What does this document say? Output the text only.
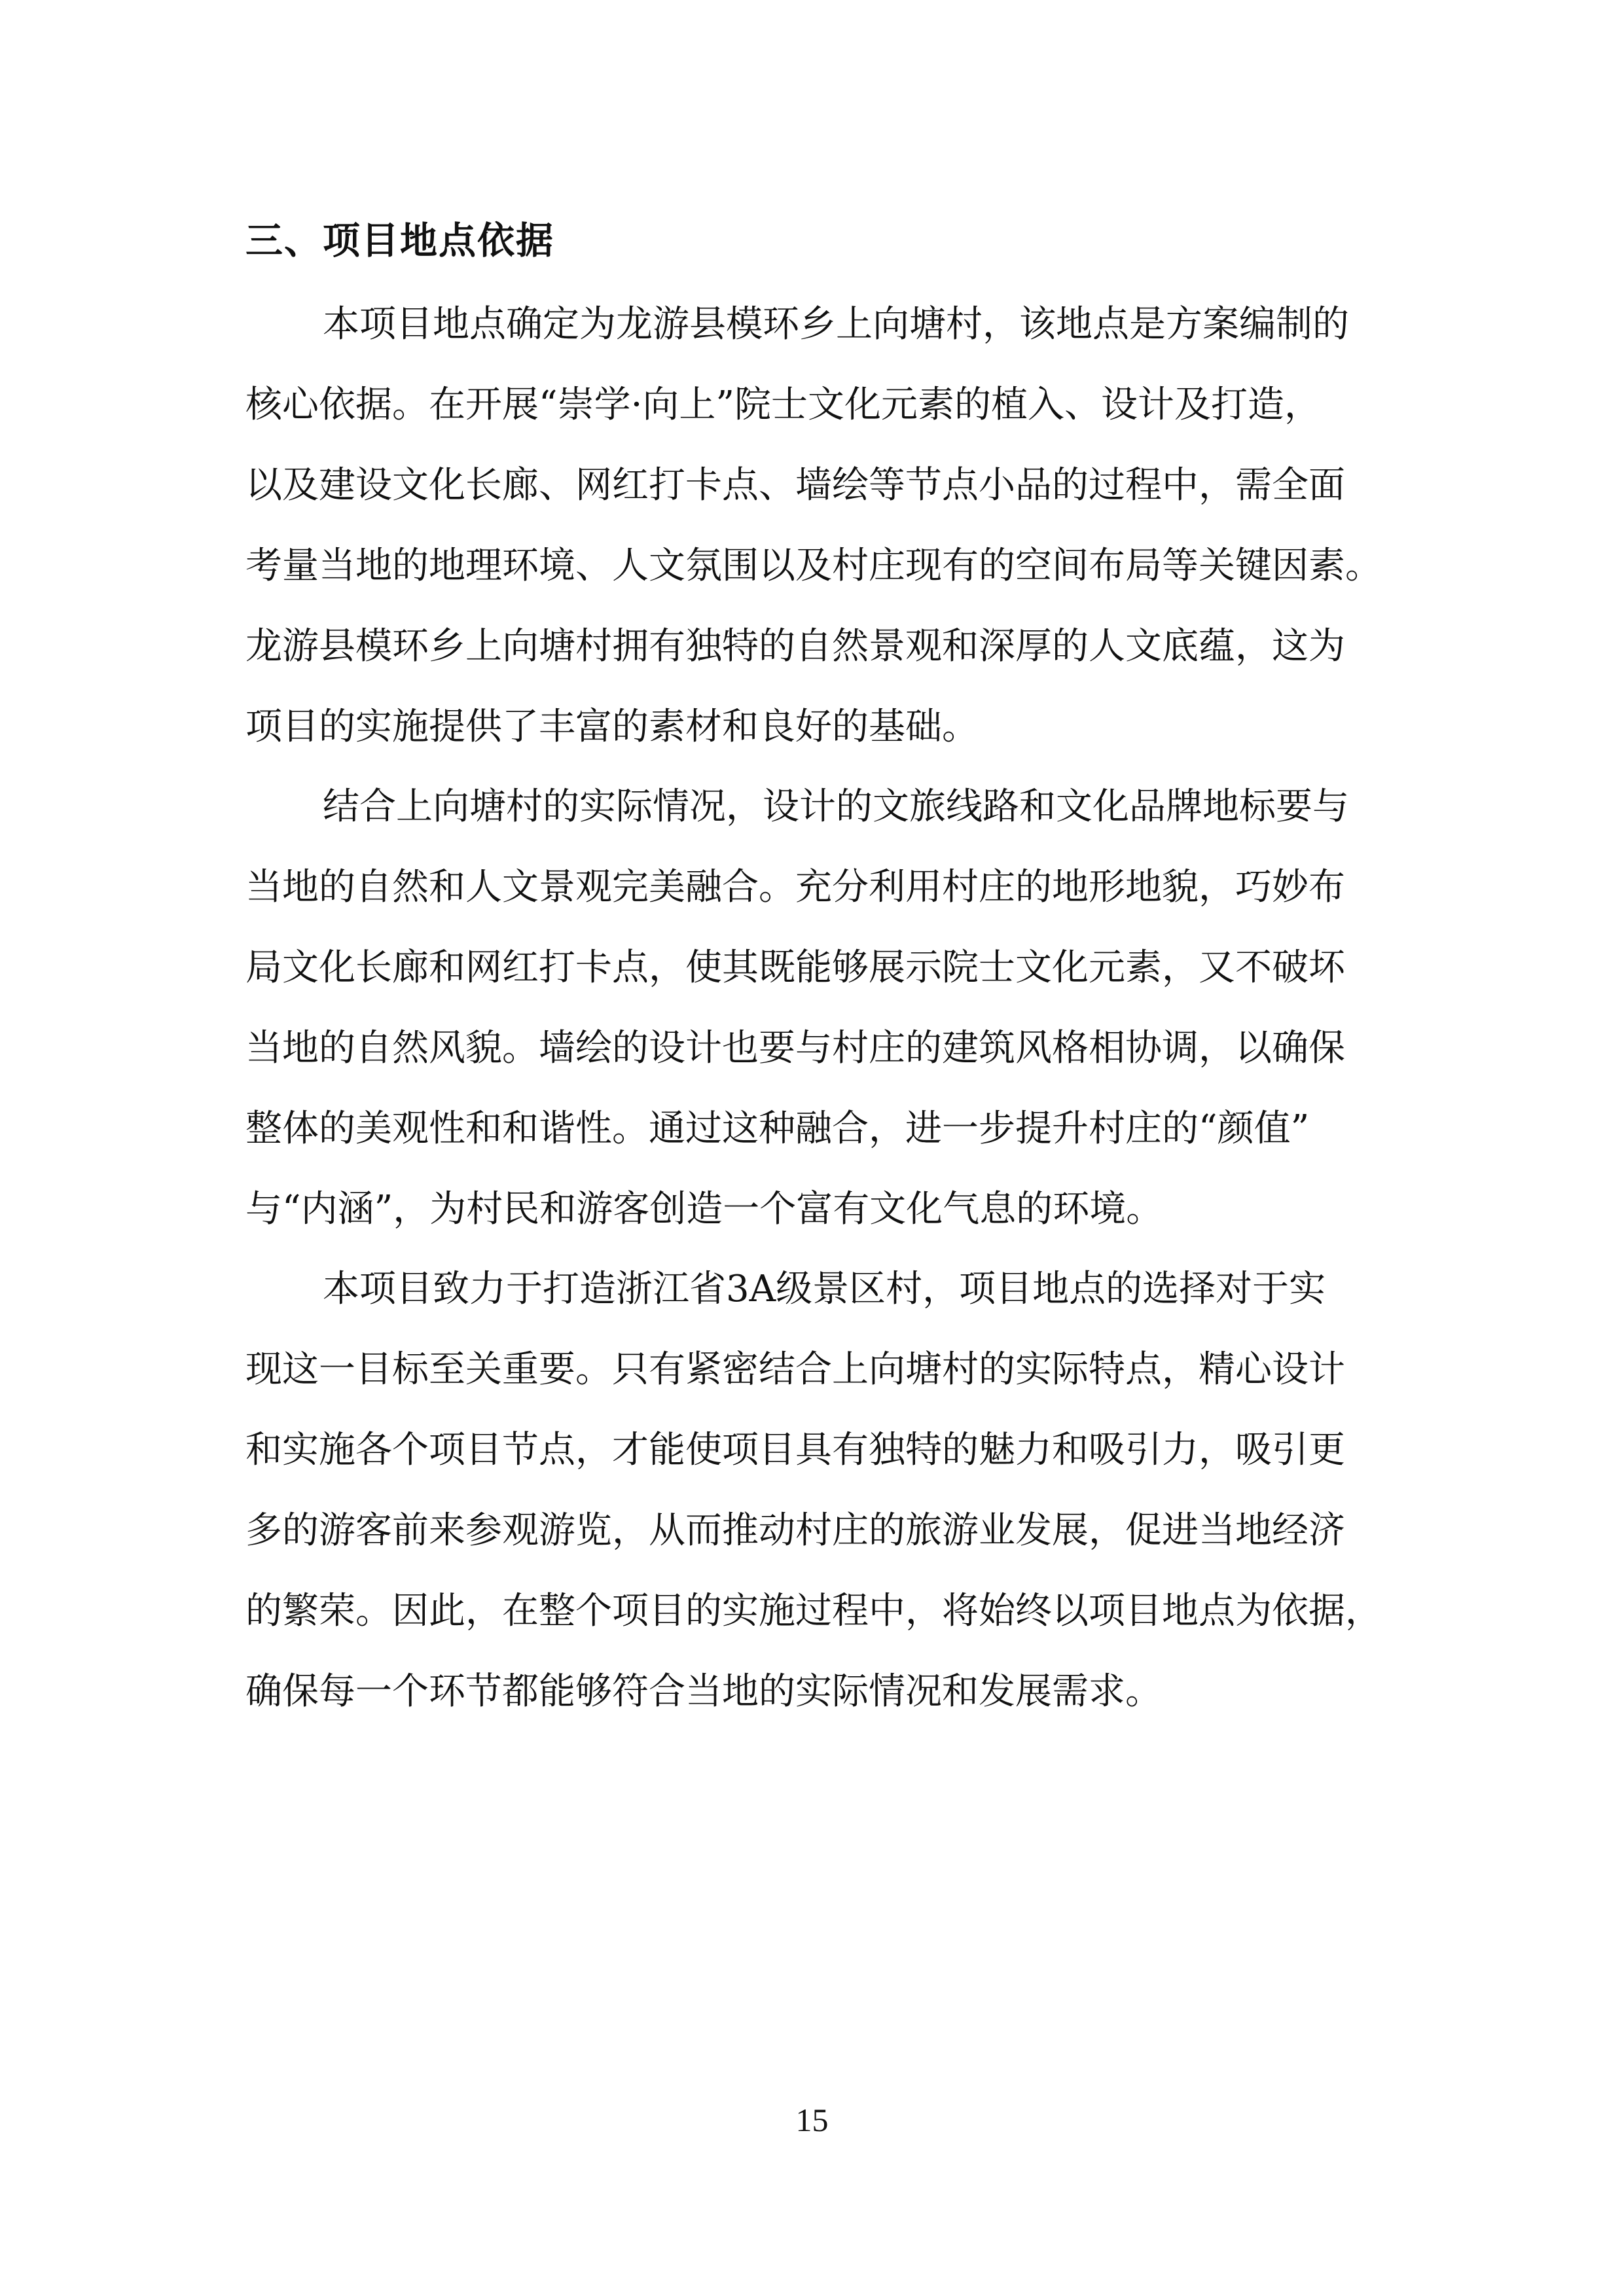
三、项目地点依据

本项目地点确定为龙游县模环乡上向塘村，该地点是方案编制的
核心依据。在开展“崇学·向上”院士文化元素的植入、设计及打造，
以及建设文化长廊、网红打卡点、墙绘等节点小品的过程中，需全面
考量当地的地理环境、人文氛围以及村庄现有的空间布局等关键因素。
龙游县模环乡上向塘村拥有独特的自然景观和深厚的人文底蕴，这为
项目的实施提供了丰富的素材和良好的基础。

结合上向塘村的实际情况，设计的文旅线路和文化品牌地标要与
当地的自然和人文景观完美融合。充分利用村庄的地形地貌，巧妙布
局文化长廊和网红打卡点，使其既能够展示院士文化元素，又不破坏
当地的自然风貌。墙绘的设计也要与村庄的建筑风格相协调，以确保
整体的美观性和和谐性。通过这种融合，进一步提升村庄的“颜值”
与“内涵”，为村民和游客创造一个富有文化气息的环境。

本项目致力于打造浙江省3A级景区村，项目地点的选择对于实
现这一目标至关重要。只有紧密结合上向塘村的实际特点，精心设计
和实施各个项目节点，才能使项目具有独特的魅力和吸引力，吸引更
多的游客前来参观游览，从而推动村庄的旅游业发展，促进当地经济
的繁荣。因此，在整个项目的实施过程中，将始终以项目地点为依据，
确保每一个环节都能够符合当地的实际情况和发展需求。

15
